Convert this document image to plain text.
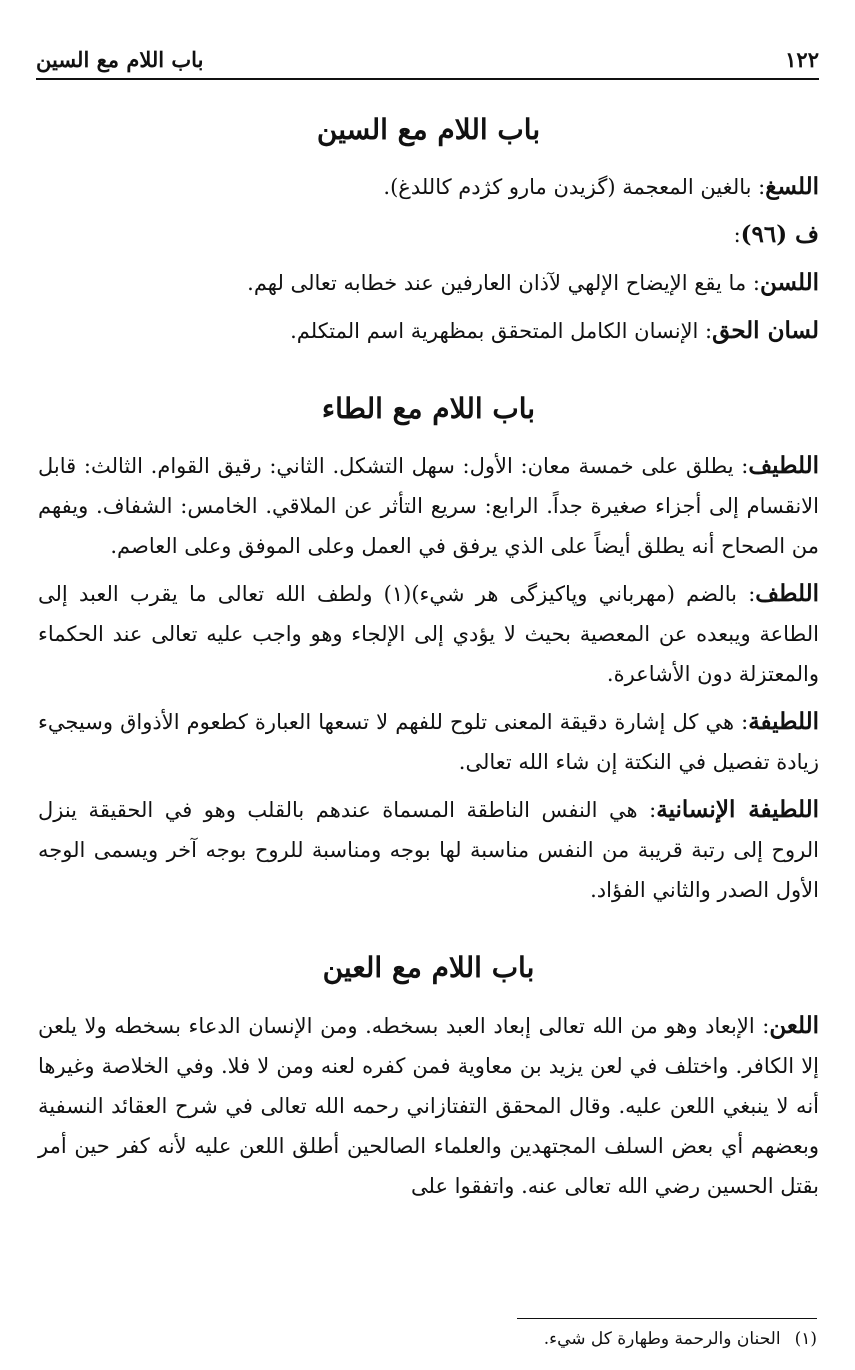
١٢٢
باب اللام مع السين
باب اللام مع السين

اللسغ: بالغين المعجمة (گزيدن مارو كژدم كاللدغ).

ف (٩٦):

اللسن: ما يقع الإيضاح الإلهي لآذان العارفين عند خطابه تعالى لهم.

لسان الحق: الإنسان الكامل المتحقق بمظهرية اسم المتكلم.

باب اللام مع الطاء

اللطيف: يطلق على خمسة معان: الأول: سهل التشكل. الثاني: رقيق القوام. الثالث: قابل الانقسام إلى أجزاء صغيرة جداً. الرابع: سريع التأثر عن الملاقي. الخامس: الشفاف. ويفهم من الصحاح أنه يطلق أيضاً على الذي يرفق في العمل وعلى الموفق وعلى العاصم.

اللطف: بالضم (مهرباني وپاكيزگى هر شيء)(١) ولطف الله تعالى ما يقرب العبد إلى الطاعة ويبعده عن المعصية بحيث لا يؤدي إلى الإلجاء وهو واجب عليه تعالى عند الحكماء والمعتزلة دون الأشاعرة.

اللطيفة: هي كل إشارة دقيقة المعنى تلوح للفهم لا تسعها العبارة كطعوم الأذواق وسيجيء زيادة تفصيل في النكتة إن شاء الله تعالى.

اللطيفة الإنسانية: هي النفس الناطقة المسماة عندهم بالقلب وهو في الحقيقة ينزل الروح إلى رتبة قريبة من النفس مناسبة لها بوجه ومناسبة للروح بوجه آخر ويسمى الوجه الأول الصدر والثاني الفؤاد.

باب اللام مع العين

اللعن: الإبعاد وهو من الله تعالى إبعاد العبد بسخطه. ومن الإنسان الدعاء بسخطه ولا يلعن إلا الكافر. واختلف في لعن يزيد بن معاوية فمن كفره لعنه ومن لا فلا. وفي الخلاصة وغيرها أنه لا ينبغي اللعن عليه. وقال المحقق التفتازاني رحمه الله تعالى في شرح العقائد النسفية وبعضهم أي بعض السلف المجتهدين والعلماء الصالحين أطلق اللعن عليه لأنه كفر حين أمر بقتل الحسين رضي الله تعالى عنه. واتفقوا على

(١)الحنان والرحمة وطهارة كل شيء.
